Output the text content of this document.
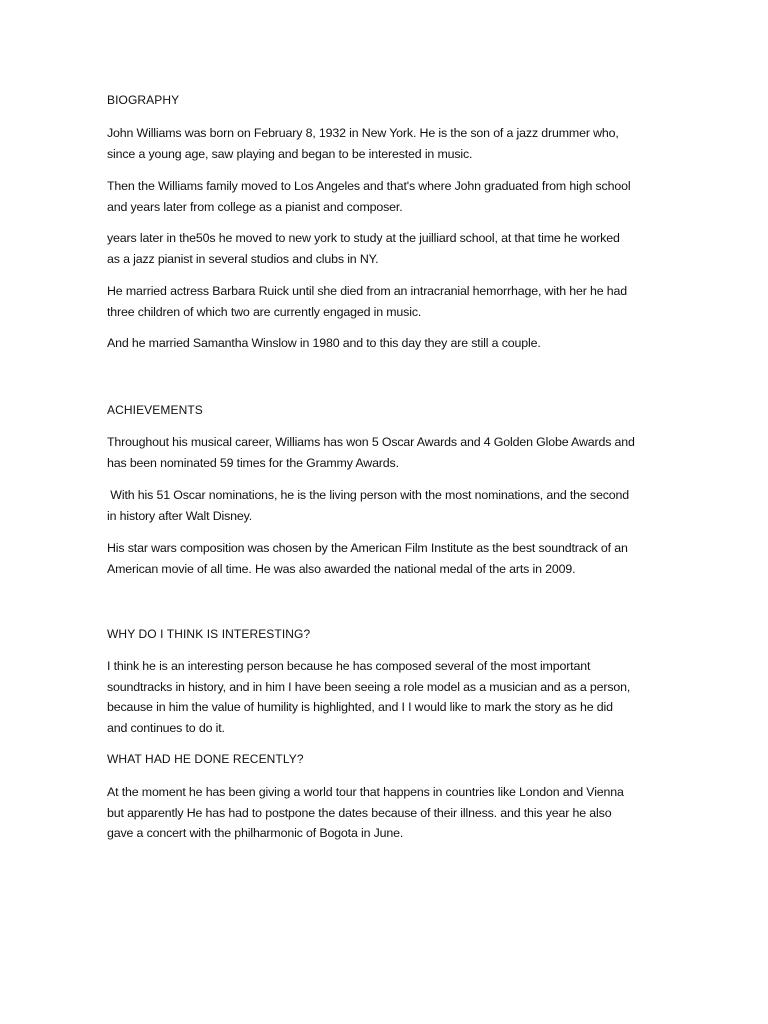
BIOGRAPHY

John Williams was born on February 8, 1932 in New York. He is the son of a jazz drummer who,
since a young age, saw playing and began to be interested in music.

Then the Williams family moved to Los Angeles and that's where John graduated from high school
and years later from college as a pianist and composer.

years later in the50s he moved to new york to study at the juilliard school, at that time he worked
as a jazz pianist in several studios and clubs in NY.

He married actress Barbara Ruick until she died from an intracranial hemorrhage, with her he had
three children of which two are currently engaged in music.

And he married Samantha Winslow in 1980 and to this day they are still a couple.

ACHIEVEMENTS

Throughout his musical career, Williams has won 5 Oscar Awards and 4 Golden Globe Awards and
has been nominated 59 times for the Grammy Awards.

With his 51 Oscar nominations, he is the living person with the most nominations, and the second
in history after Walt Disney.

His star wars composition was chosen by the American Film Institute as the best soundtrack of an
American movie of all time. He was also awarded the national medal of the arts in 2009.

WHY DO I THINK IS INTERESTING?

I think he is an interesting person because he has composed several of the most important
soundtracks in history, and in him I have been seeing a role model as a musician and as a person,
because in him the value of humility is highlighted, and I I would like to mark the story as he did
and continues to do it.

WHAT HAD HE DONE RECENTLY?

At the moment he has been giving a world tour that happens in countries like London and Vienna
but apparently He has had to postpone the dates because of their illness. and this year he also
gave a concert with the philharmonic of Bogota in June.
